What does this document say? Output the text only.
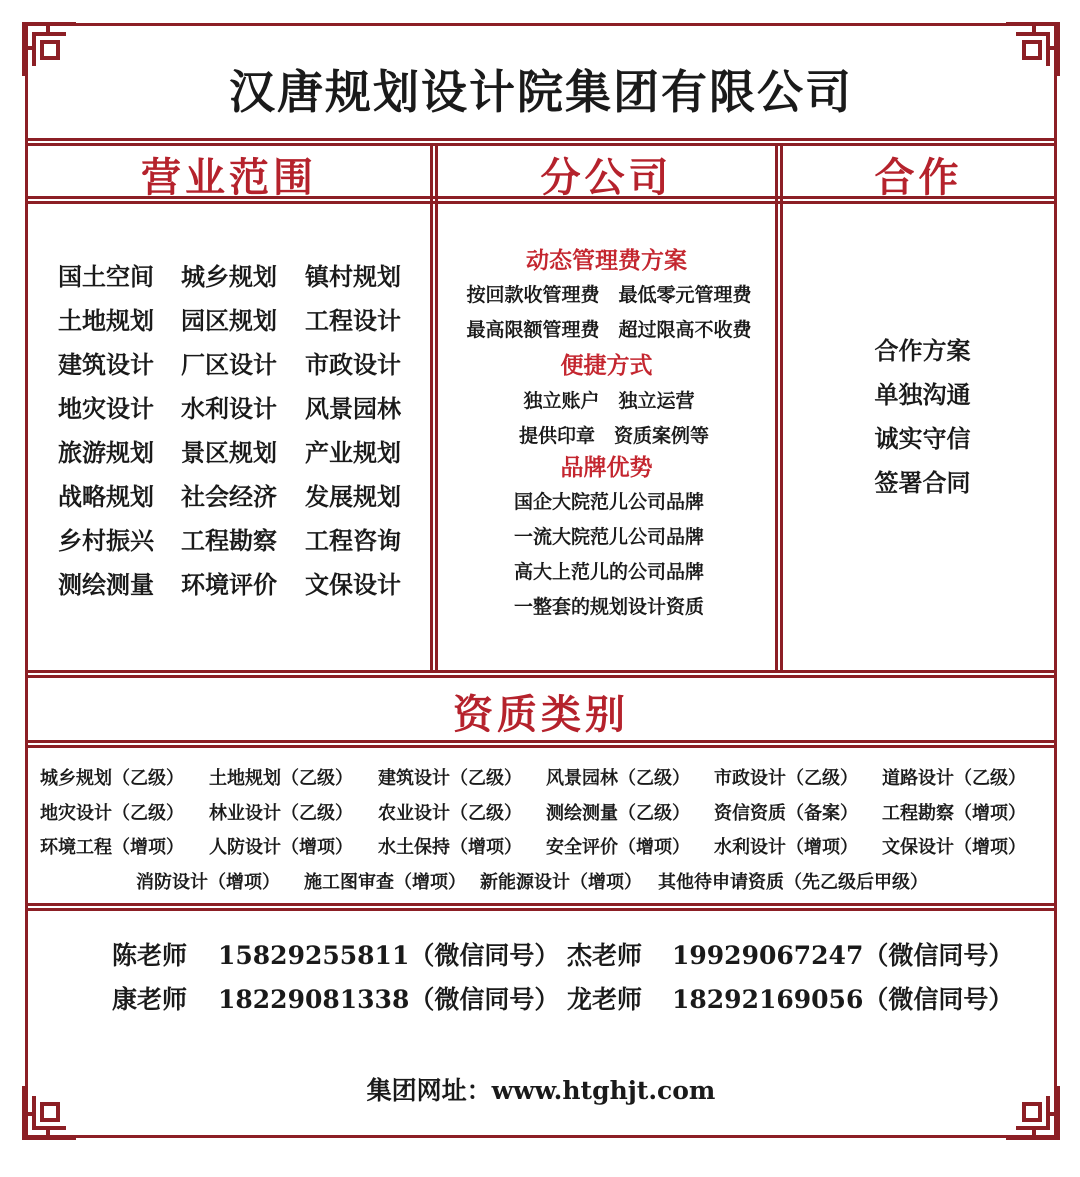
汉唐规划设计院集团有限公司
营业范围	分公司	合作
国土空间	城乡规划	镇村规划
土地规划	园区规划	工程设计
建筑设计	厂区设计	市政设计
地灾设计	水利设计	风景园林
旅游规划	景区规划	产业规划
战略规划	社会经济	发展规划
乡村振兴	工程勘察	工程咨询
测绘测量	环境评价	文保设计
动态管理费方案
按回款收管理费　最低零元管理费
最高限额管理费　超过限高不收费
便捷方式
独立账户　独立运营
提供印章　资质案例等
品牌优势
国企大院范儿公司品牌
一流大院范儿公司品牌
高大上范儿的公司品牌
一整套的规划设计资质
合作方案
单独沟通
诚实守信
签署合同
资质类别
城乡规划（乙级） 土地规划（乙级） 建筑设计（乙级） 风景园林（乙级） 市政设计（乙级） 道路设计（乙级）
地灾设计（乙级） 林业设计（乙级） 农业设计（乙级） 测绘测量（乙级） 资信资质（备案） 工程勘察（增项）
环境工程（增项） 人防设计（增项） 水土保持（增项） 安全评价（增项） 水利设计（增项） 文保设计（增项）
消防设计（增项） 施工图审查（增项） 新能源设计（增项） 其他待申请资质（先乙级后甲级）
陈老师 15829255811（微信同号） 杰老师 19929067247（微信同号）
康老师 18229081338（微信同号） 龙老师 18292169056（微信同号）
集团网址：www.htghjt.com
